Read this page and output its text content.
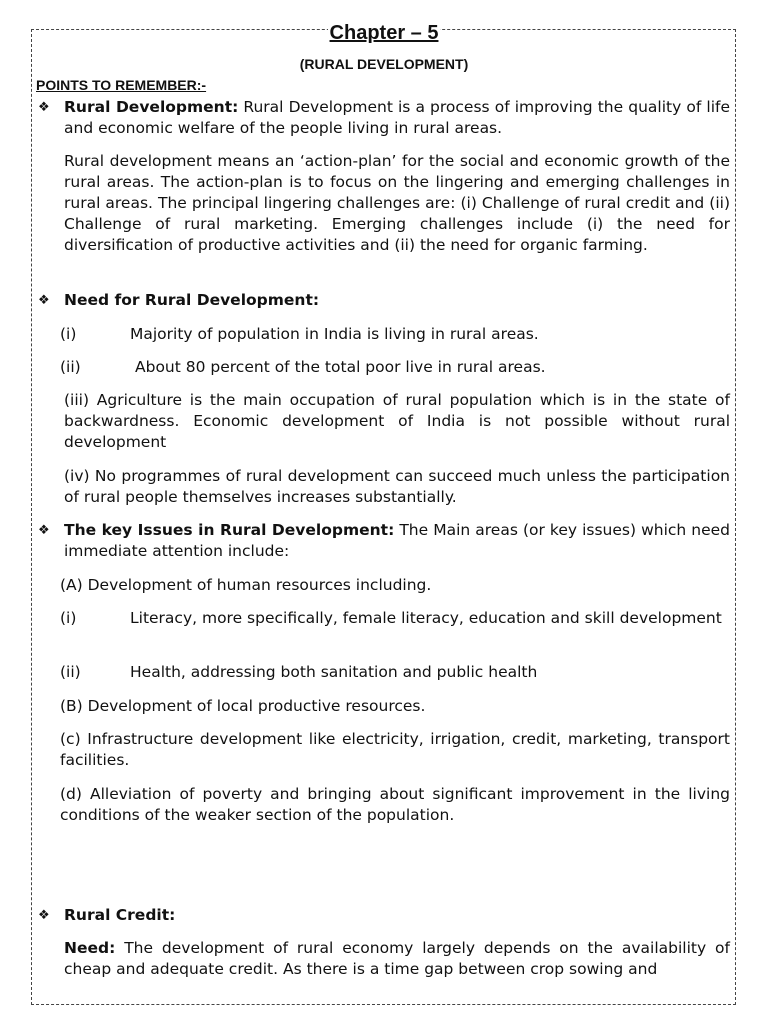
Chapter – 5
(RURAL DEVELOPMENT)
POINTS TO REMEMBER:-
❖ Rural Development: Rural Development is a process of improving the quality of life and economic welfare of the people living in rural areas.
Rural development means an ‘action-plan’ for the social and economic growth of the rural areas. The action-plan is to focus on the lingering and emerging challenges in rural areas. The principal lingering challenges are: (i) Challenge of rural credit and (ii) Challenge of rural marketing. Emerging challenges include (i) the need for diversification of productive activities and (ii) the need for organic farming.
❖ Need for Rural Development:
(i)	Majority of population in India is living in rural areas.
(ii)	About 80 percent of the total poor live in rural areas.
(iii) Agriculture is the main occupation of rural population which is in the state of backwardness. Economic development of India is not possible without rural development
(iv) No programmes of rural development can succeed much unless the participation of rural people themselves increases substantially.
❖ The key Issues in Rural Development: The Main areas (or key issues) which need immediate attention include:
(A) Development of human resources including.
(i)	Literacy, more specifically, female literacy, education and skill development
(ii)	Health, addressing both sanitation and public health
(B) Development of local productive resources.
(c) Infrastructure development like electricity, irrigation, credit, marketing, transport facilities.
(d) Alleviation of poverty and bringing about significant improvement in the living conditions of the weaker section of the population.
❖ Rural Credit:
Need: The development of rural economy largely depends on the availability of cheap and adequate credit. As there is a time gap between crop sowing and
